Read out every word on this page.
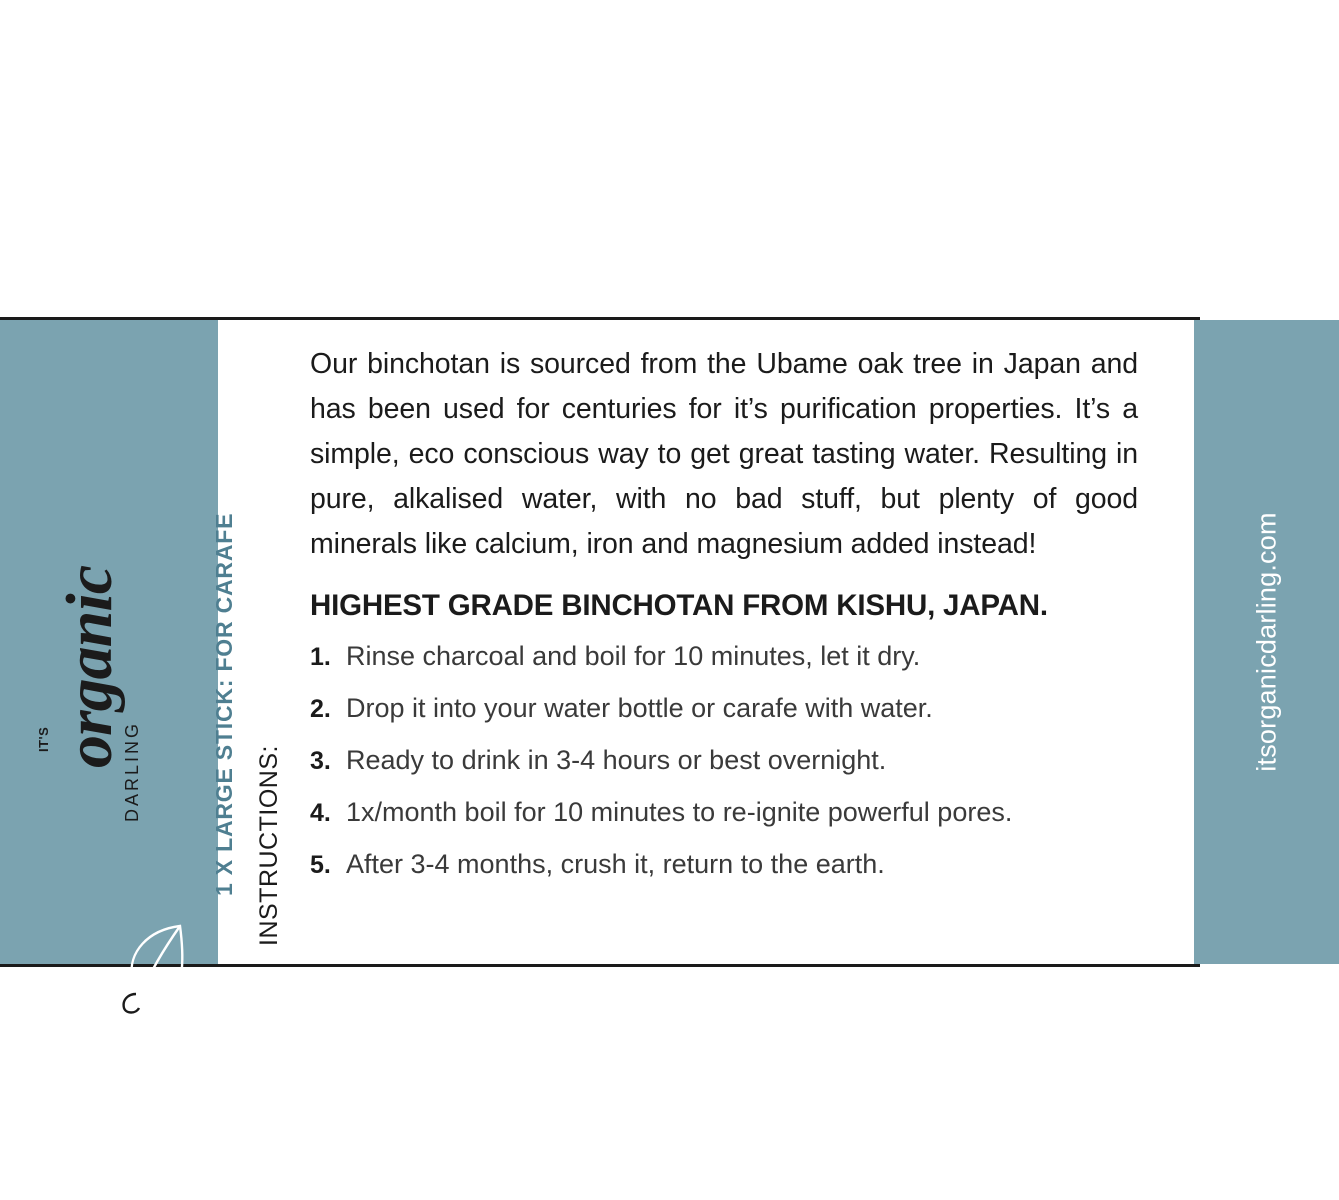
IT'S organic
DARLING	1 X LARGE STICK: FOR CARAFE INSTRUCTIONS:

Our binchotan is sourced from the Ubame oak tree in Japan and has been used for centuries for it’s purification properties. It’s a simple, eco conscious way to get great tasting water. Resulting in pure, alkalised water, with no bad stuff, but plenty of good minerals like calcium, iron and magnesium added instead!

HIGHEST GRADE BINCHOTAN FROM KISHU, JAPAN.
1. Rinse charcoal and boil for 10 minutes, let it dry.
2. Drop it into your water bottle or carafe with water.
3. Ready to drink in 3-4 hours or best overnight.
4. 1x/month boil for 10 minutes to re-ignite powerful pores.
5. After 3-4 months, crush it, return to the earth.
itsorganicdarling.com
